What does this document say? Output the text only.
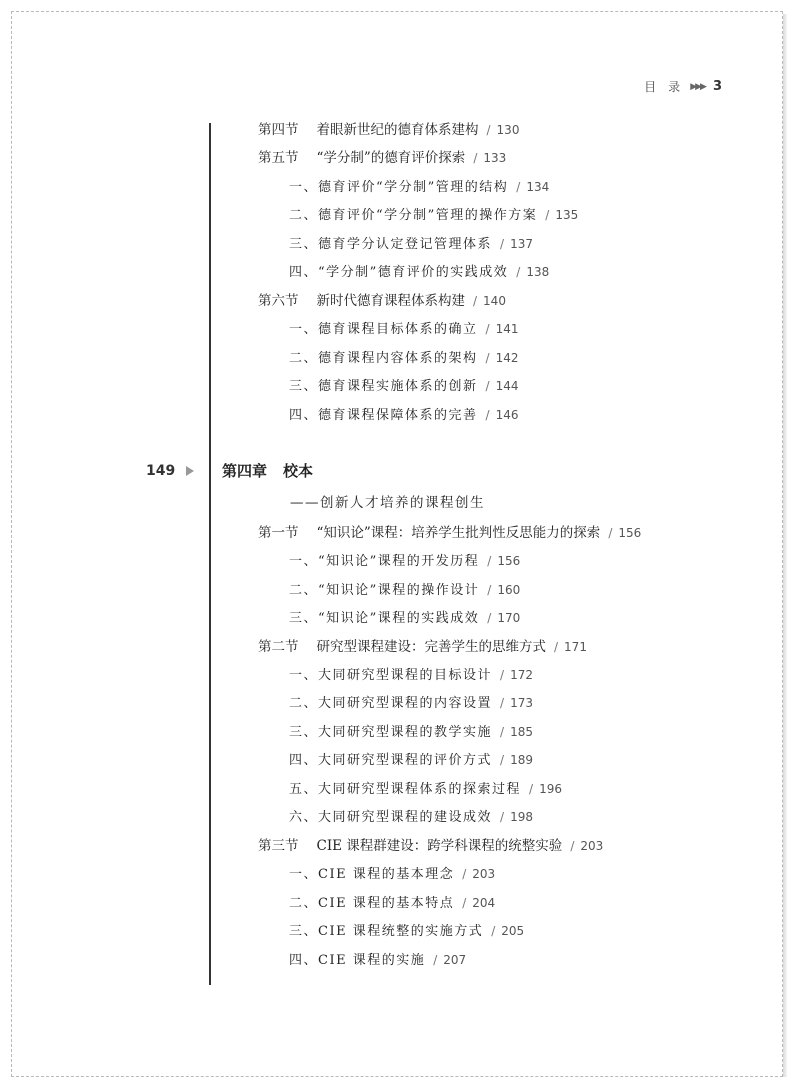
目　录 ▶▶▶ 3
149	第四章 校本
——创新人才培养的课程创生
第四节 着眼新世纪的德育体系建构 / 130
第五节 “学分制”的德育评价探索 / 133
一、德育评价“学分制”管理的结构 / 134
二、德育评价“学分制”管理的操作方案 / 135
三、德育学分认定登记管理体系 / 137
四、“学分制”德育评价的实践成效 / 138
第六节 新时代德育课程体系构建 / 140
一、德育课程目标体系的确立 / 141
二、德育课程内容体系的架构 / 142
三、德育课程实施体系的创新 / 144
四、德育课程保障体系的完善 / 146
第一节 “知识论”课程：培养学生批判性反思能力的探索 / 156
一、“知识论”课程的开发历程 / 156
二、“知识论”课程的操作设计 / 160
三、“知识论”课程的实践成效 / 170
第二节 研究型课程建设：完善学生的思维方式 / 171
一、大同研究型课程的目标设计 / 172
二、大同研究型课程的内容设置 / 173
三、大同研究型课程的教学实施 / 185
四、大同研究型课程的评价方式 / 189
五、大同研究型课程体系的探索过程 / 196
六、大同研究型课程的建设成效 / 198
第三节 CIE 课程群建设：跨学科课程的统整实验 / 203
一、CIE 课程的基本理念 / 203
二、CIE 课程的基本特点 / 204
三、CIE 课程统整的实施方式 / 205
四、CIE 课程的实施 / 207
